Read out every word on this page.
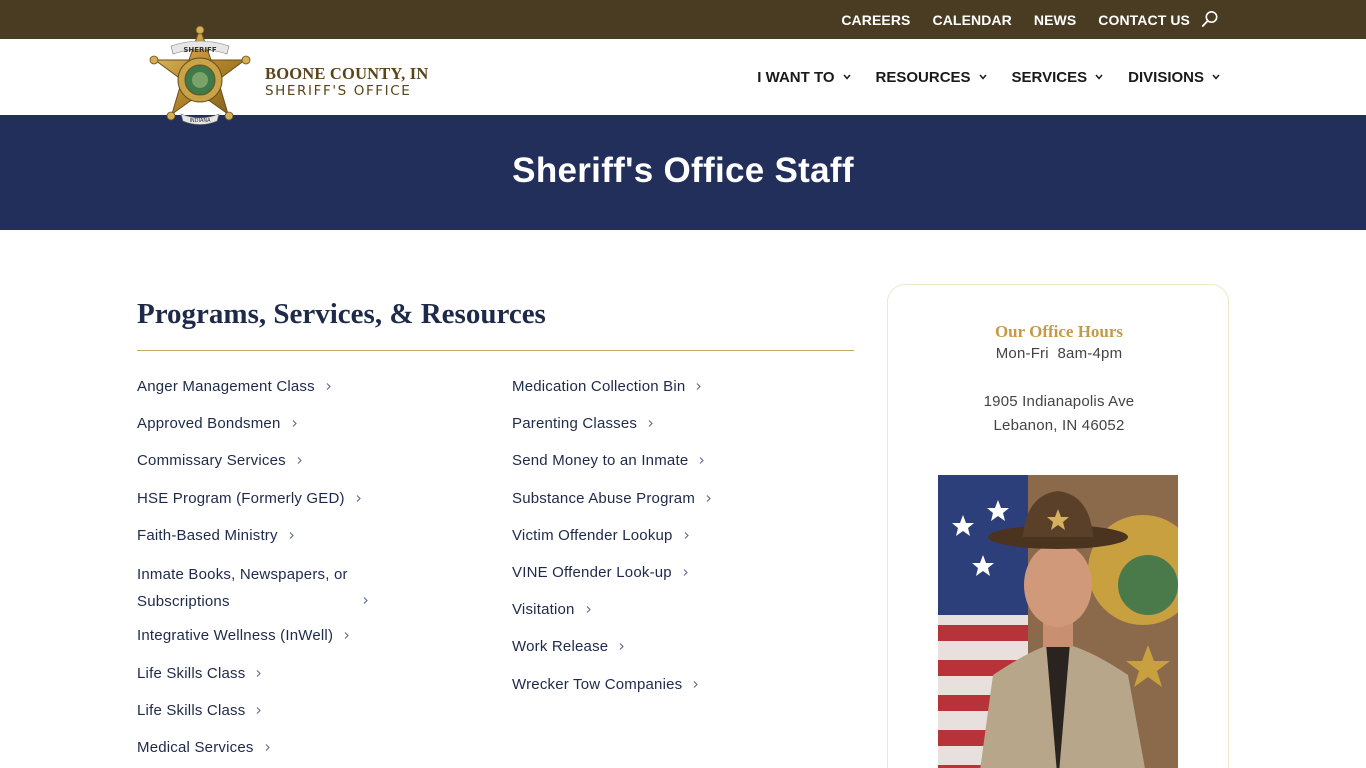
CAREERS CALENDAR NEWS CONTACT US
SHERIFF
INDIANA
BOONE COUNTY, IN
SHERIFF'S OFFICE
I WANT TO	RESOURCES	SERVICES	DIVISIONS
Sheriff's Office Staff
Programs, Services, & Resources
Anger Management Class
Approved Bondsmen
Commissary Services
HSE Program (Formerly GED)
Faith-Based Ministry
Inmate Books, Newspapers, or Subscriptions
Integrative Wellness (InWell)
Life Skills Class
Life Skills Class
Medical Services
Medication Collection Bin
Parenting Classes
Send Money to an Inmate
Substance Abuse Program
Victim Offender Lookup
VINE Offender Look-up
Visitation
Work Release
Wrecker Tow Companies
Our Office Hours
Mon-Fri  8am-4pm
1905 Indianapolis Ave
Lebanon, IN 46052
